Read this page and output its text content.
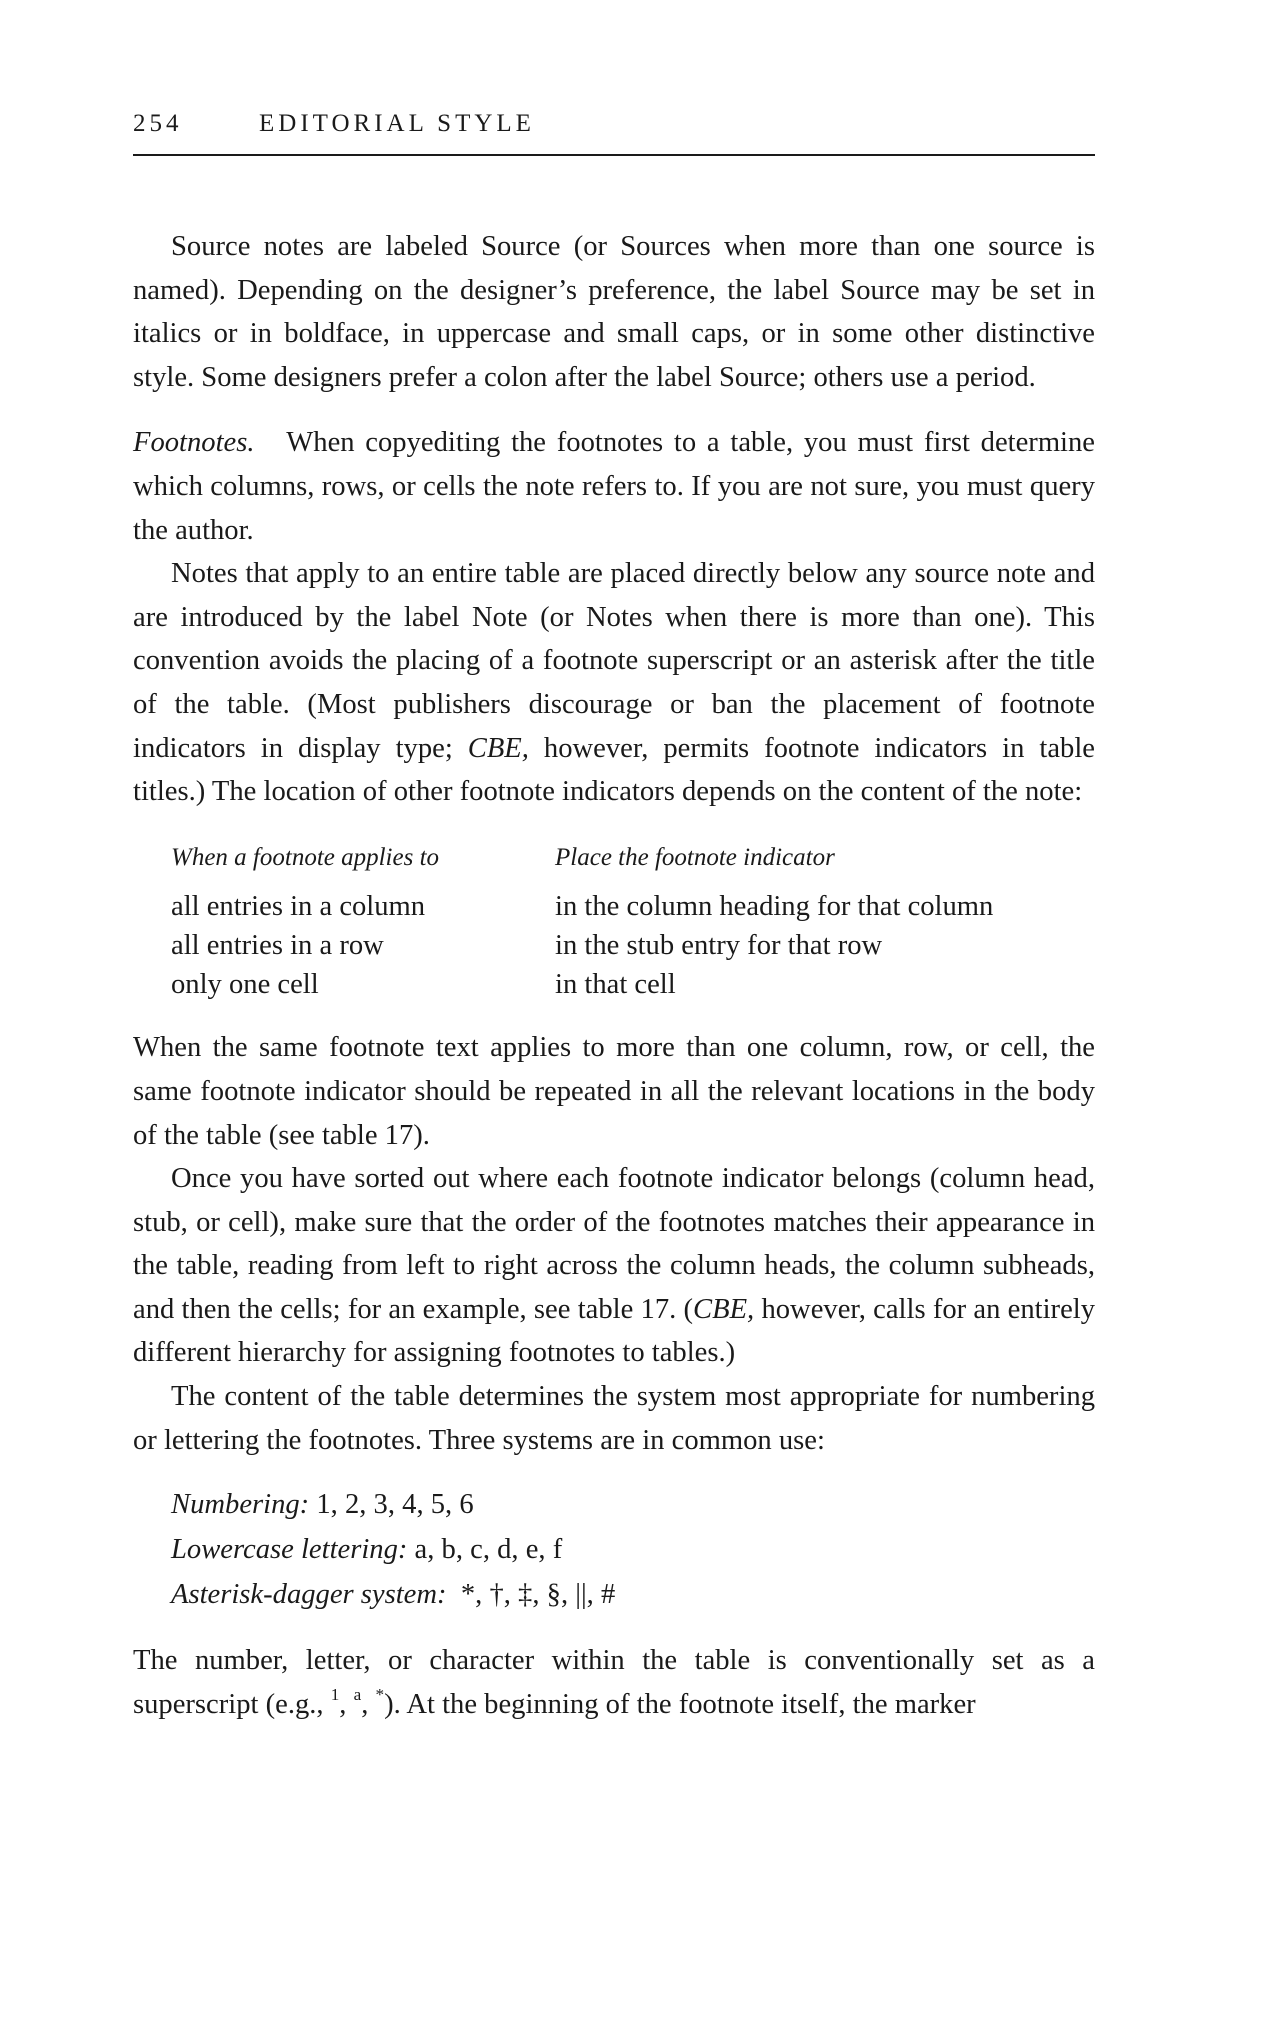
254	EDITORIAL STYLE

Source notes are labeled Source (or Sources when more than one source is named). Depending on the designer’s preference, the label Source may be set in italics or in boldface, in uppercase and small caps, or in some other distinctive style. Some designers prefer a colon after the label Source; others use a period.

Footnotes. When copyediting the footnotes to a table, you must first determine which columns, rows, or cells the note refers to. If you are not sure, you must query the author.

Notes that apply to an entire table are placed directly below any source note and are introduced by the label Note (or Notes when there is more than one). This convention avoids the placing of a footnote superscript or an asterisk after the title of the table. (Most publishers discourage or ban the placement of footnote indicators in display type; CBE, however, permits footnote indicators in table titles.) The location of other footnote indicators depends on the content of the note:

When a footnote applies to	Place the footnote indicator
all entries in a column	in the column heading for that column
all entries in a row	in the stub entry for that row
only one cell	in that cell

When the same footnote text applies to more than one column, row, or cell, the same footnote indicator should be repeated in all the relevant locations in the body of the table (see table 17).

Once you have sorted out where each footnote indicator belongs (column head, stub, or cell), make sure that the order of the footnotes matches their appearance in the table, reading from left to right across the column heads, the column subheads, and then the cells; for an example, see table 17. (CBE, however, calls for an entirely different hierarchy for assigning footnotes to tables.)

The content of the table determines the system most appropriate for numbering or lettering the footnotes. Three systems are in common use:

Numbering: 1, 2, 3, 4, 5, 6
Lowercase lettering: a, b, c, d, e, f
Asterisk-dagger system: *, †, ‡, §, ||, #

The number, letter, or character within the table is conventionally set as a superscript (e.g., $^1$, $^a$, *). At the beginning of the footnote itself, the marker
